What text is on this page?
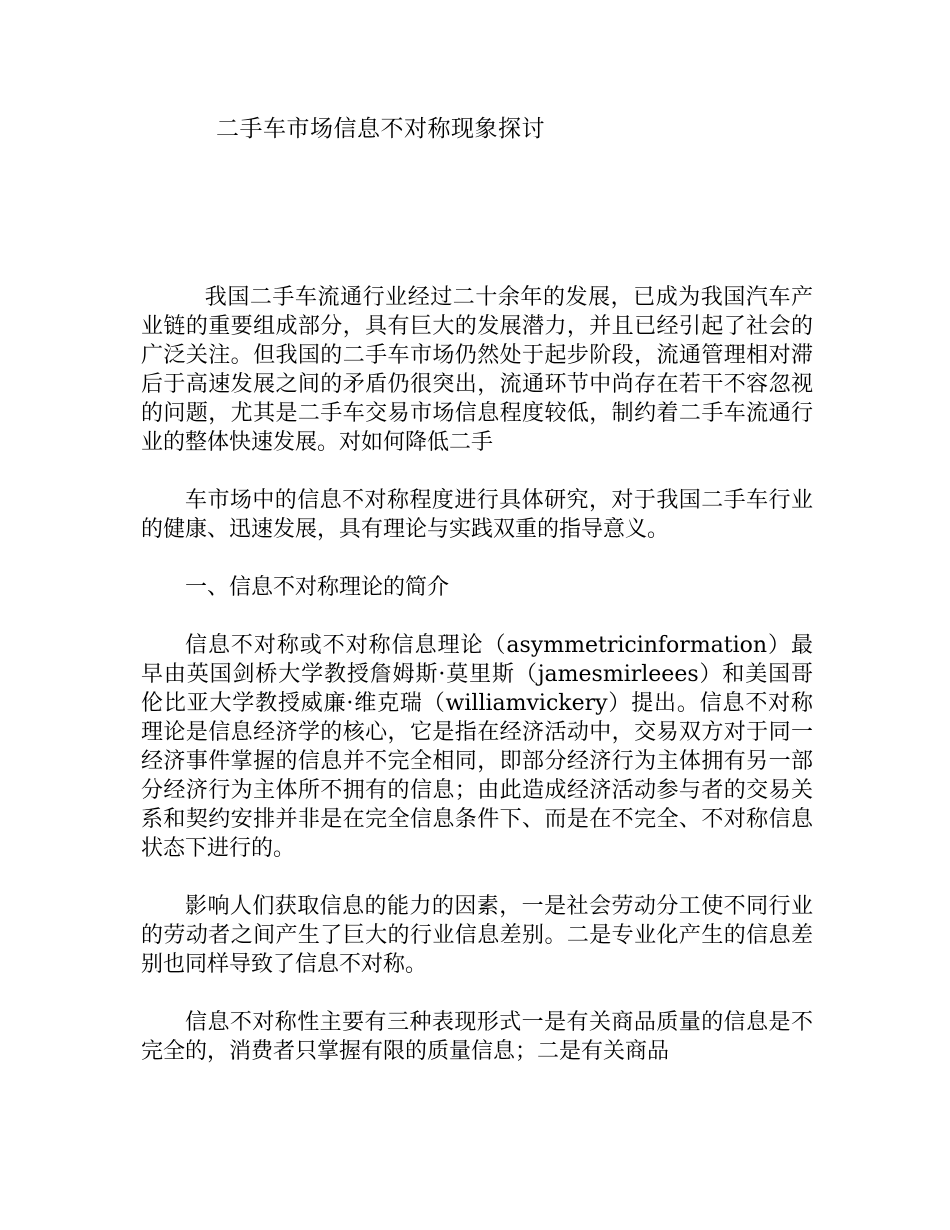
二手车市场信息不对称现象探讨

我国二手车流通行业经过二十余年的发展，已成为我国汽车产业链的重要组成部分，具有巨大的发展潜力，并且已经引起了社会的广泛关注。但我国的二手车市场仍然处于起步阶段，流通管理相对滞后于高速发展之间的矛盾仍很突出，流通环节中尚存在若干不容忽视的问题，尤其是二手车交易市场信息程度较低，制约着二手车流通行业的整体快速发展。对如何降低二手

车市场中的信息不对称程度进行具体研究，对于我国二手车行业的健康、迅速发展，具有理论与实践双重的指导意义。

一、信息不对称理论的简介

信息不对称或不对称信息理论（asymmetricinformation）最早由英国剑桥大学教授詹姆斯·莫里斯（jamesmirleees）和美国哥伦比亚大学教授威廉·维克瑞（williamvickery）提出。信息不对称理论是信息经济学的核心，它是指在经济活动中，交易双方对于同一经济事件掌握的信息并不完全相同，即部分经济行为主体拥有另一部分经济行为主体所不拥有的信息；由此造成经济活动参与者的交易关系和契约安排并非是在完全信息条件下、而是在不完全、不对称信息状态下进行的。

影响人们获取信息的能力的因素，一是社会劳动分工使不同行业的劳动者之间产生了巨大的行业信息差别。二是专业化产生的信息差别也同样导致了信息不对称。

信息不对称性主要有三种表现形式一是有关商品质量的信息是不完全的，消费者只掌握有限的质量信息；二是有关商品
